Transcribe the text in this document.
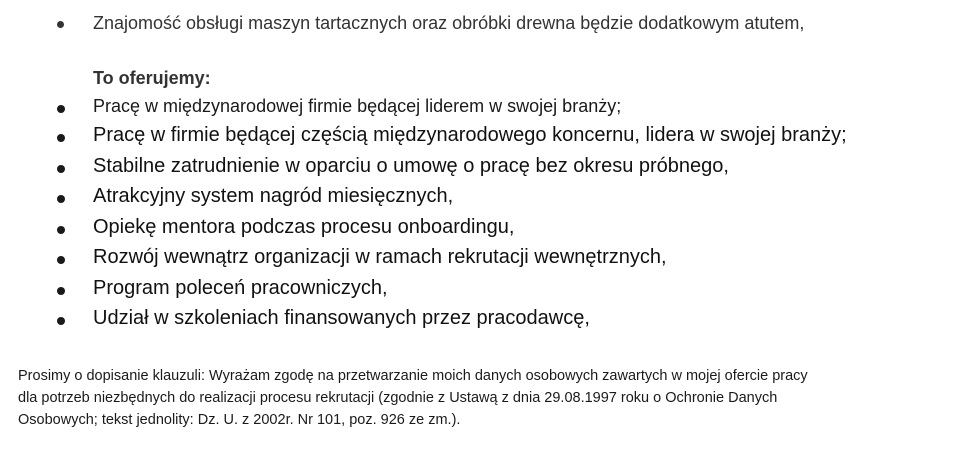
Znajomość obsługi maszyn tartacznych oraz obróbki drewna będzie dodatkowym atutem,
To oferujemy:
Pracę w międzynarodowej firmie będącej liderem w swojej branży;
Pracę w firmie będącej częścią międzynarodowego koncernu, lidera w swojej branży;
Stabilne zatrudnienie w oparciu o umowę o pracę bez okresu próbnego,
Atrakcyjny system nagród miesięcznych,
Opiekę mentora podczas procesu onboardingu,
Rozwój wewnątrz organizacji w ramach rekrutacji wewnętrznych,
Program poleceń pracowniczych,
Udział w szkoleniach finansowanych przez pracodawcę,
Prosimy o dopisanie klauzuli: Wyrażam zgodę na przetwarzanie moich danych osobowych zawartych w mojej ofercie pracy
dla potrzeb niezbędnych do realizacji procesu rekrutacji (zgodnie z Ustawą z dnia 29.08.1997 roku o Ochronie Danych
Osobowych; tekst jednolity: Dz. U. z 2002r. Nr 101, poz. 926 ze zm.).
